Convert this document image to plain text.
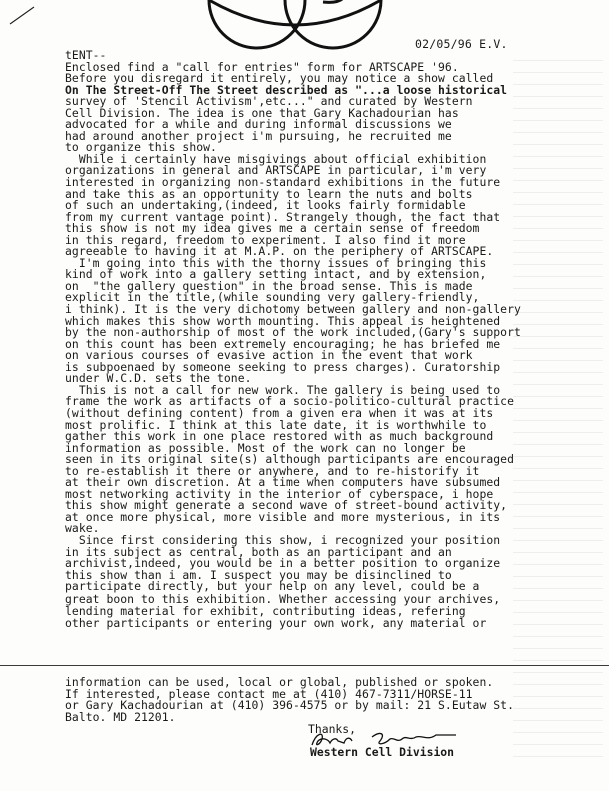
02/05/96 E.V.
tENT--
Enclosed find a "call for entries" form for ARTSCAPE '96.
Before you disregard it entirely, you may notice a show called
On The Street-Off The Street described as "...a loose historical
survey of 'Stencil Activism',etc..." and curated by Western
Cell Division. The idea is one that Gary Kachadourian has
advocated for a while and during informal discussions we
had around another project i'm pursuing, he recruited me
to organize this show.
While i certainly have misgivings about official exhibition
organizations in general and ARTSCAPE in particular, i'm very
interested in organizing non-standard exhibitions in the future
and take this as an opportunity to learn the nuts and bolts
of such an undertaking,(indeed, it looks fairly formidable
from my current vantage point). Strangely though, the fact that
this show is not my idea gives me a certain sense of freedom
in this regard, freedom to experiment. I also find it more
agreeable to having it at M.A.P. on the periphery of ARTSCAPE.
I'm going into this with the thorny issues of bringing this
kind of work into a gallery setting intact, and by extension,
on  "the gallery question" in the broad sense. This is made
explicit in the title,(while sounding very gallery-friendly,
i think). It is the very dichotomy between gallery and non-gallery
which makes this show worth mounting. This appeal is heightened
by the non-authorship of most of the work included,(Gary's support
on this count has been extremely encouraging; he has briefed me
on various courses of evasive action in the event that work
is subpoenaed by someone seeking to press charges). Curatorship
under W.C.D. sets the tone.
This is not a call for new work. The gallery is being used to
frame the work as artifacts of a socio-politico-cultural practice
(without defining content) from a given era when it was at its
most prolific. I think at this late date, it is worthwhile to
gather this work in one place restored with as much background
information as possible. Most of the work can no longer be
seen in its original site(s) although participants are encouraged
to re-establish it there or anywhere, and to re-historify it
at their own discretion. At a time when computers have subsumed
most networking activity in the interior of cyberspace, i hope
this show might generate a second wave of street-bound activity,
at once more physical, more visible and more mysterious, in its
wake.
Since first considering this show, i recognized your position
in its subject as central, both as an participant and an
archivist,indeed, you would be in a better position to organize
this show than i am. I suspect you may be disinclined to
participate directly, but your help on any level, could be a
great boon to this exhibition. Whether accessing your archives,
lending material for exhibit, contributing ideas, refering
other participants or entering your own work, any material or
information can be used, local or global, published or spoken.
If interested, please contact me at (410) 467-7311/HORSE-11
or Gary Kachadourian at (410) 396-4575 or by mail: 21 S.Eutaw St.
Balto. MD 21201.
Thanks,
Western Cell Division
